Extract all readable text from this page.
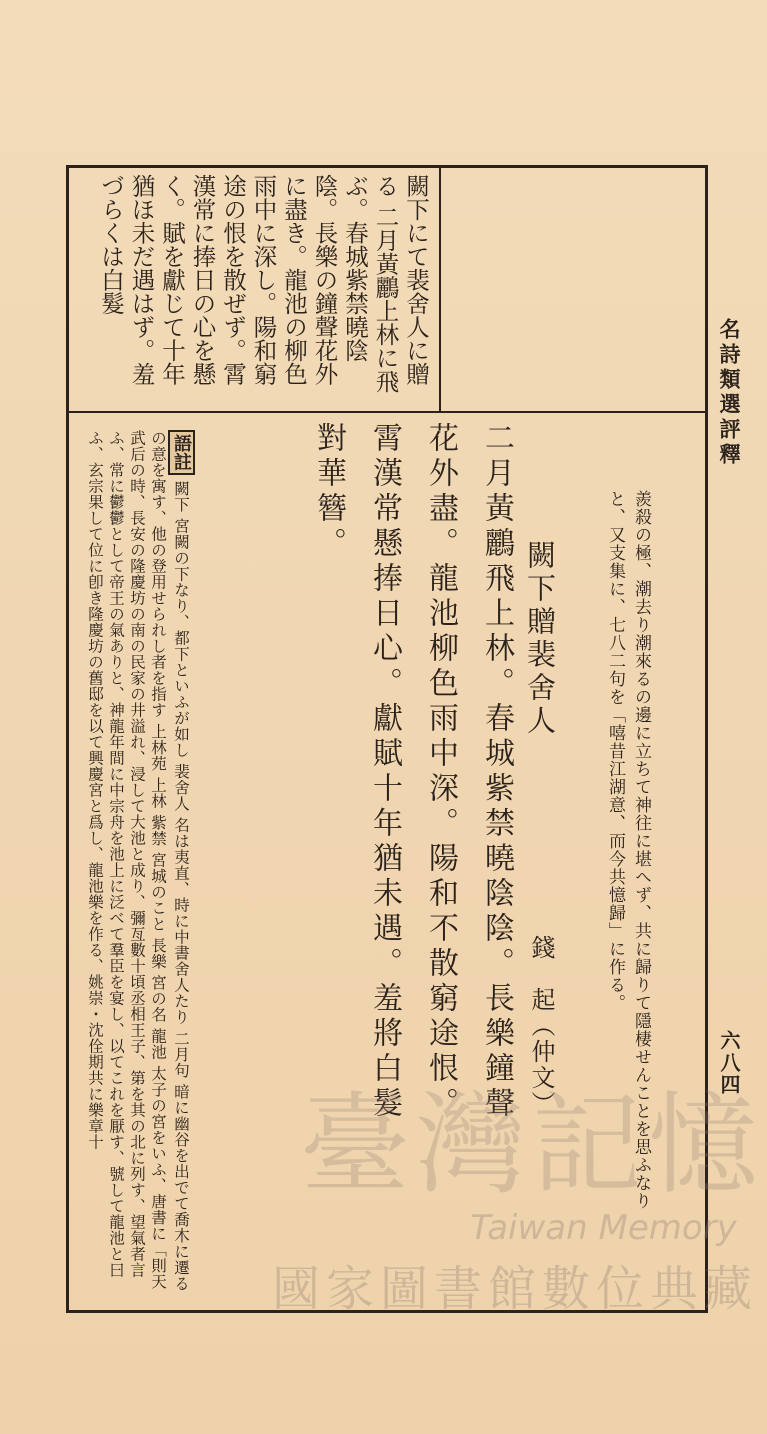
名詩類選評釋
六八四
闕下にて裴舍人に贈る 二月黃鸝上林に飛ぶ。春城紫禁曉陰陰。長樂の鐘聲花外に盡き。龍池の柳色雨中に深し。陽和窮途の恨を散ぜず。霄漢常に捧日の心を懸く。賦を獻じて十年猶ほ未だ遇はず。羞づらくは白髮
羨殺の極、潮去り潮來るの邊に立ちて神往に堪へず、共に歸りて隱棲せんことを思ふなりと、又支集に、七八二句を「嘻昔江湖意、而今共憶歸」に作る。
闕下贈裴舍人
錢　起（仲文）
二月黃鸝飛上林。春城紫禁曉陰陰。長樂鐘聲
花外盡。龍池柳色雨中深。陽和不散窮途恨。
霄漢常懸捧日心。獻賦十年猶未遇。羞將白髮
對華簪。
語註 闕下 宮闕の下なり、都下といふが如し 裴舍人 名は夷直、時に中書舍人たり 二月句 暗に幽谷を出でて喬木に遷るの意を寓す、他の登用せられし者を指す 上林苑 上林 紫禁 宮城のこと 長樂 宮の名 龍池 太子の宮をいふ、唐書に「則天武后の時、長安の隆慶坊の南の民家の井溢れ、浸して大池と成り、彌亙數十頃丞相王子、第を其の北に列す、望氣者言ふ、常に鬱鬱として帝王の氣ありと、神龍年間に中宗舟を池上に泛べて羣臣を宴し、以てこれを厭す、號して龍池と曰ふ、玄宗果して位に卽き隆慶坊の舊邸を以て興慶宮と爲し、龍池樂を作る、姚崇・沈佺期共に樂章十	臺灣記憶
Taiwan Memory
國家圖書館數位典藏
